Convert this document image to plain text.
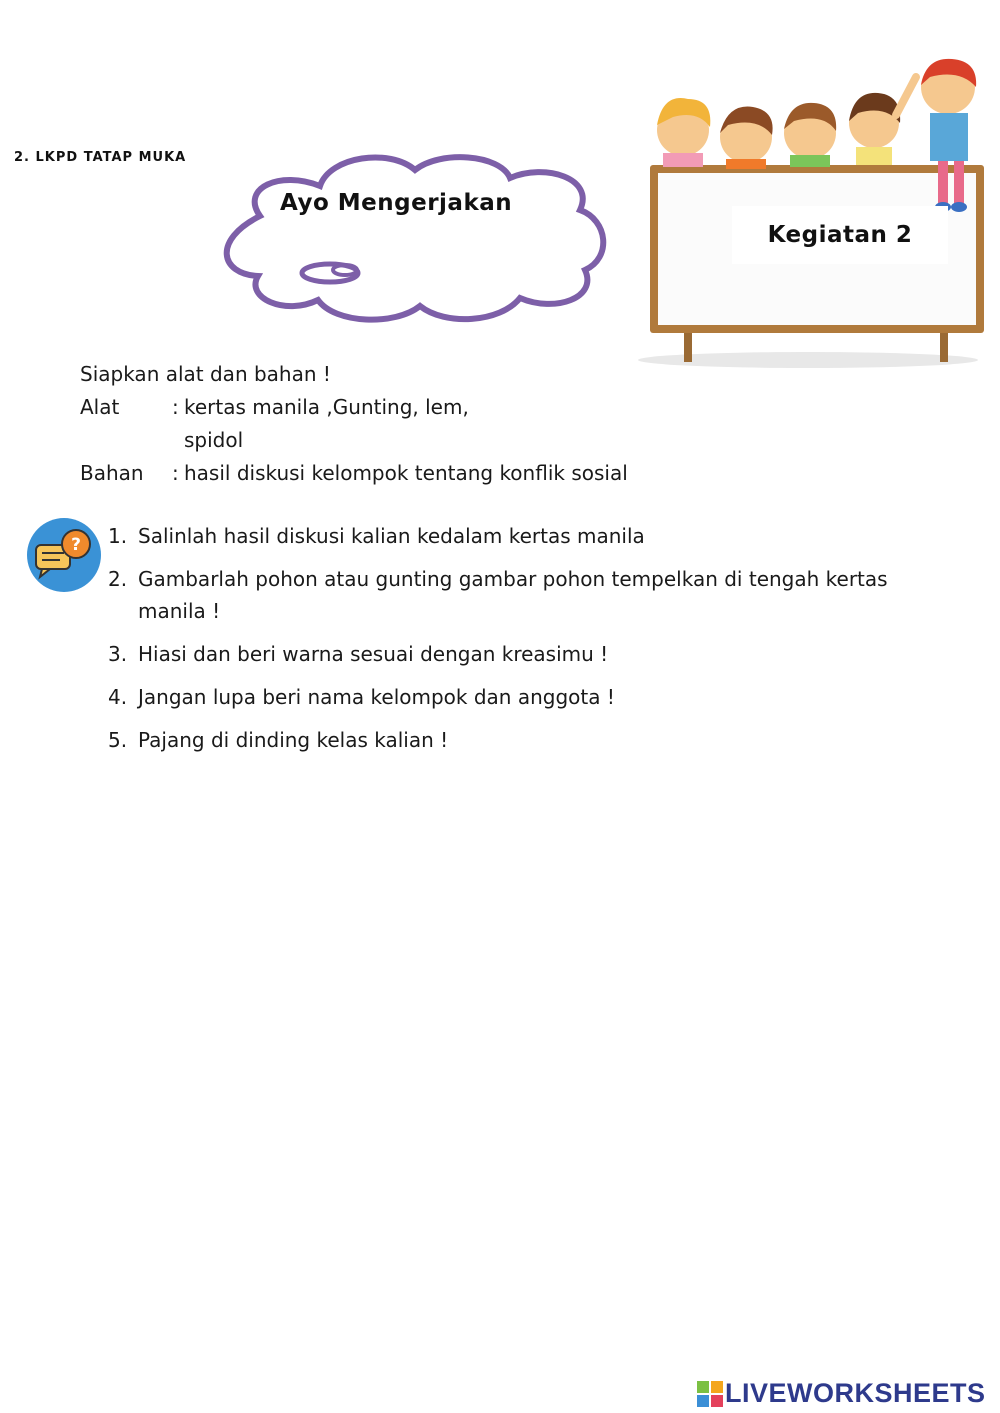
2. LKPD TATAP MUKA
Ayo Mengerjakan
Kegiatan 2
Siapkan alat dan bahan !
Alat	: kertas manila ,Gunting, lem,
spidol
Bahan	: hasil diskusi kelompok tentang konflik sosial
? 1. Salinlah hasil diskusi kalian kedalam kertas manila
2. Gambarlah pohon atau gunting gambar pohon tempelkan di tengah kertas manila !
3. Hiasi dan beri warna sesuai dengan kreasimu !
4. Jangan lupa beri nama kelompok dan anggota !
5. Pajang di dinding kelas kalian !
LIVEWORKSHEETS
